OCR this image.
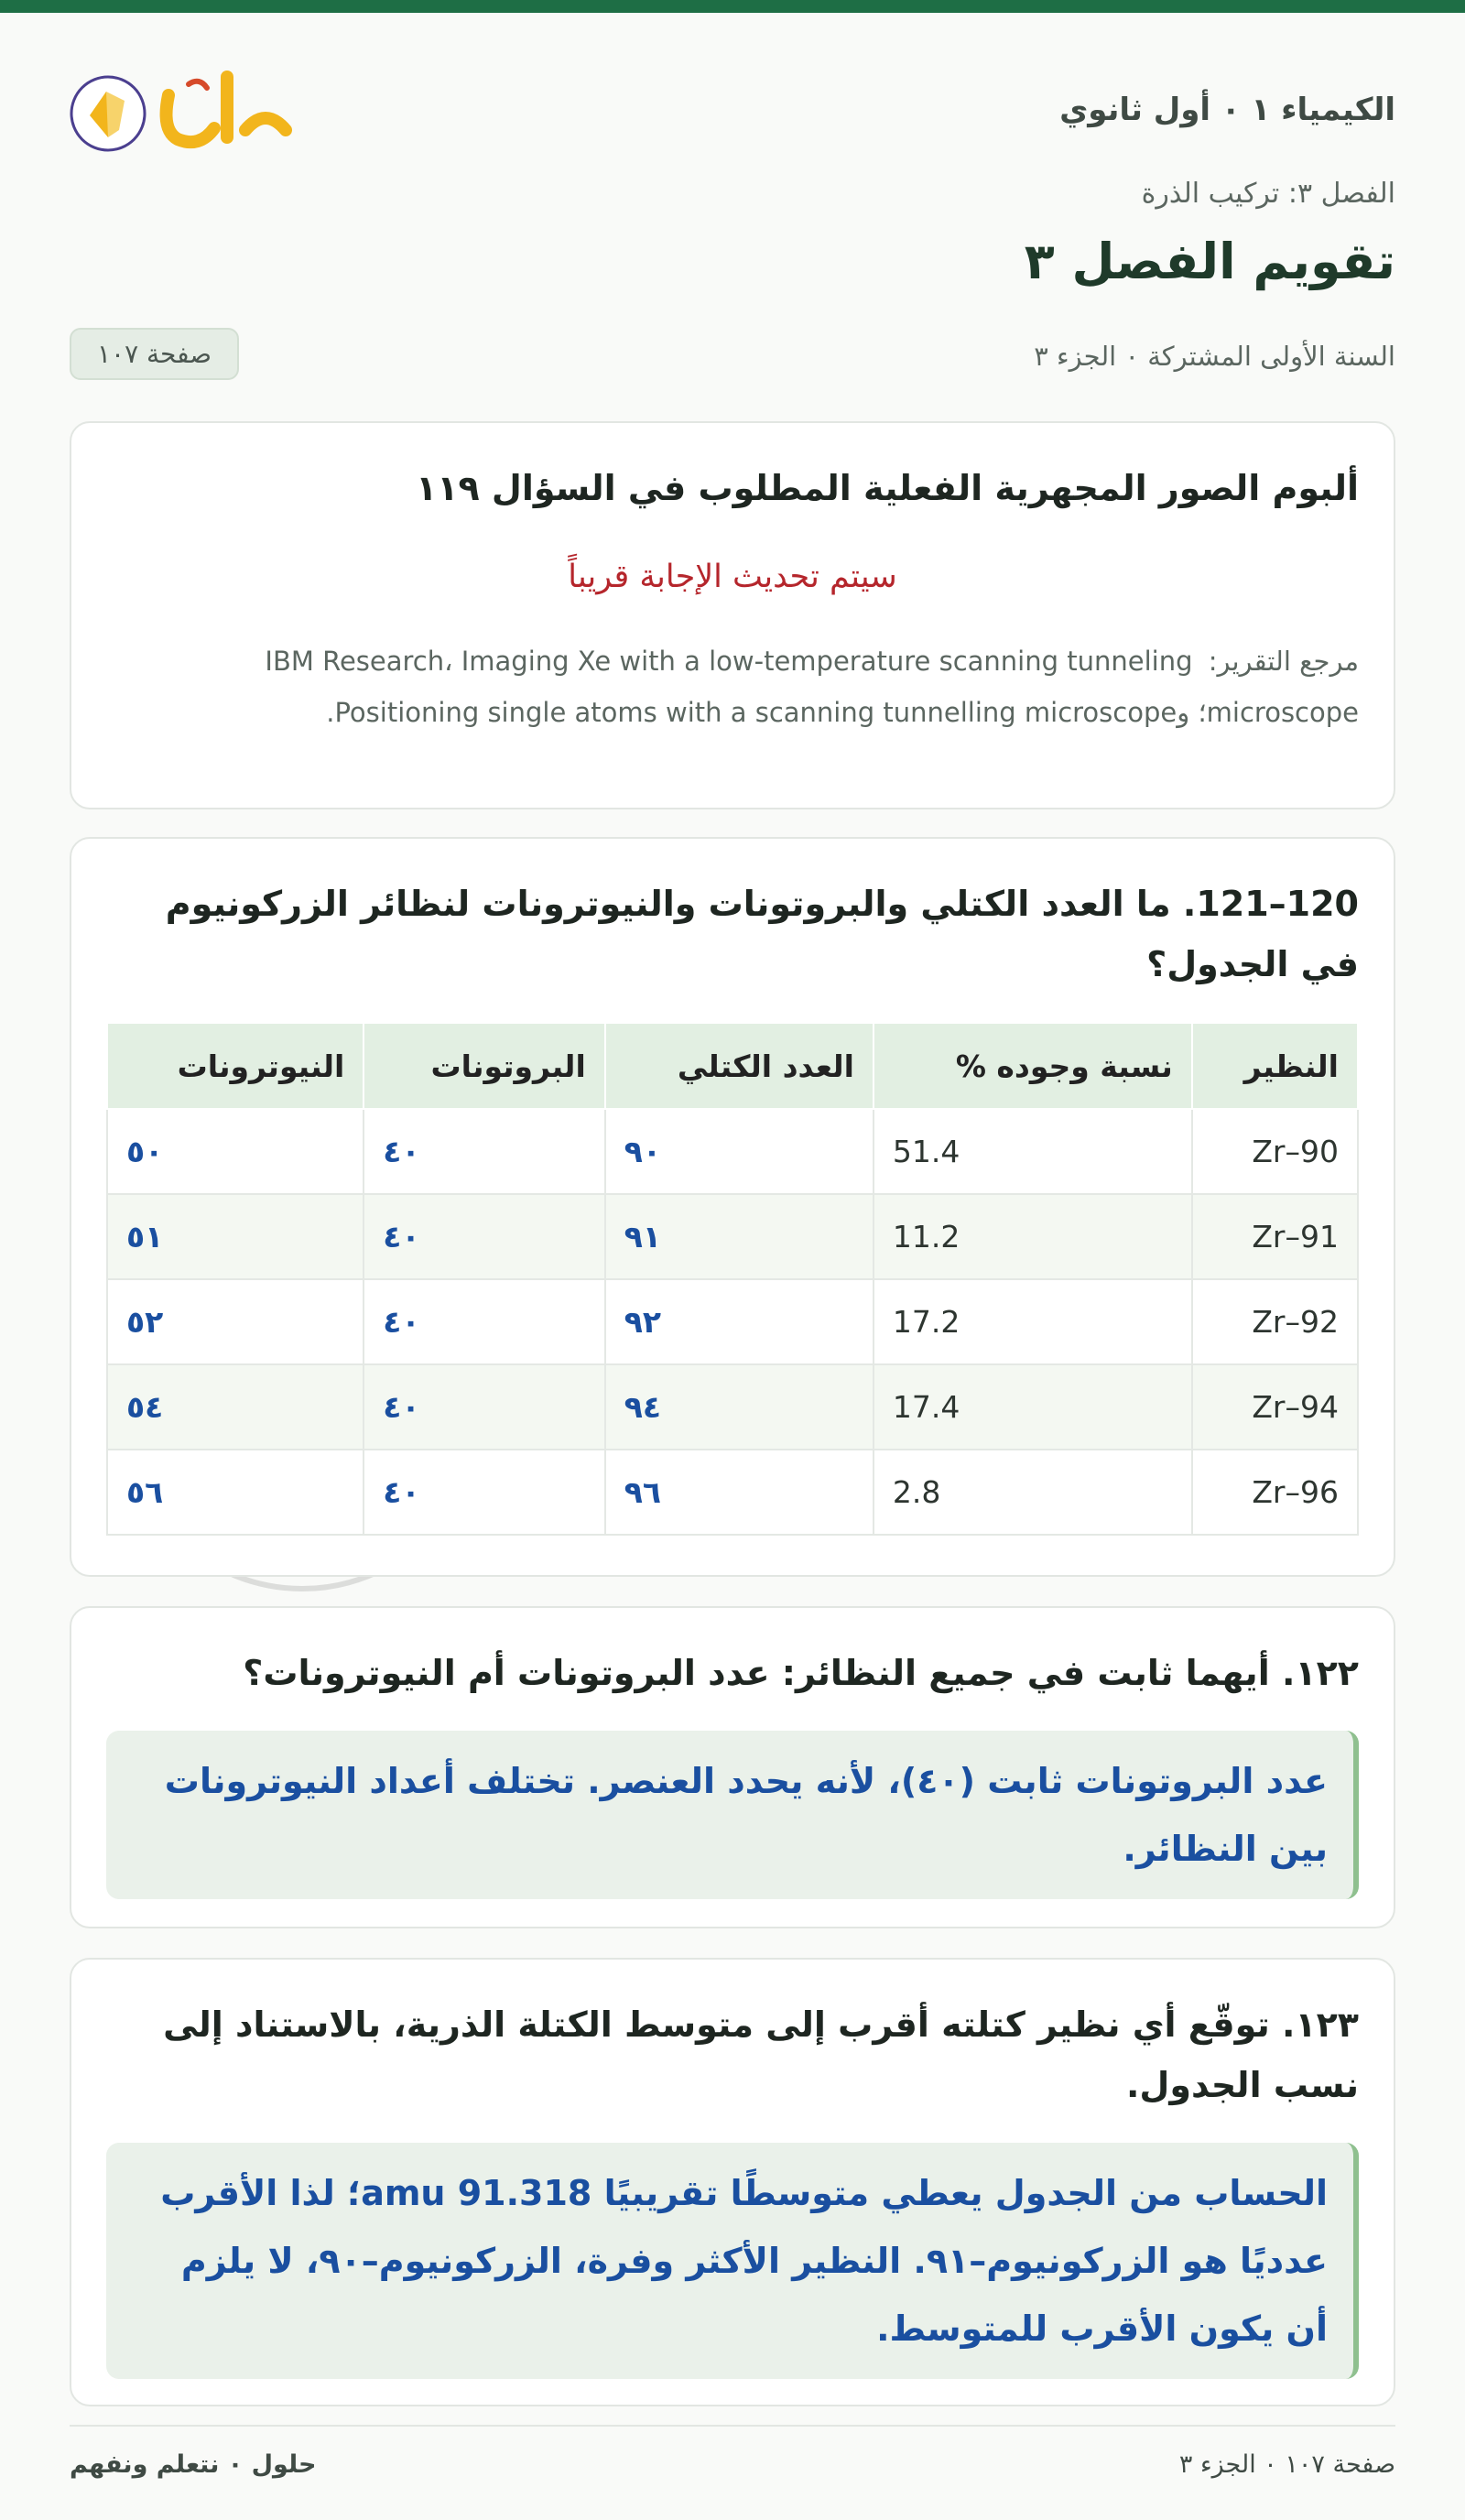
الكيمياء ١ ٠ أول ثانوي
الفصل ٣: تركيب الذرة
تقويم الفصل ٣
السنة الأولى المشتركة ٠ الجزء ٣
صفحة ١٠٧
ألبوم الصور المجهرية الفعلية المطلوب في السؤال ١١٩
سيتم تحديث الإجابة قريباً
مرجع التقرير: IBM Research، Imaging Xe with a low-temperature scanning tunneling microscope؛ وPositioning single atoms with a scanning tunnelling microscope.
120–121. ما العدد الكتلي والبروتونات والنيوترونات لنظائر الزركونيوم في الجدول؟
النظير	نسبة وجوده %	العدد الكتلي	البروتونات	النيوترونات
Zr–90	51.4	٩٠	٤٠	٥٠
Zr–91	11.2	٩١	٤٠	٥١
Zr–92	17.2	٩٢	٤٠	٥٢
Zr–94	17.4	٩٤	٤٠	٥٤
Zr–96	2.8	٩٦	٤٠	٥٦
١٢٢. أيهما ثابت في جميع النظائر: عدد البروتونات أم النيوترونات؟
عدد البروتونات ثابت (٤٠)، لأنه يحدد العنصر. تختلف أعداد النيوترونات بين النظائر.
١٢٣. توقّع أي نظير كتلته أقرب إلى متوسط الكتلة الذرية، بالاستناد إلى نسب الجدول.
الحساب من الجدول يعطي متوسطًا تقريبيًا 91.318 amu؛ لذا الأقرب عدديًا هو الزركونيوم–٩١. النظير الأكثر وفرة، الزركونيوم–٩٠، لا يلزم أن يكون الأقرب للمتوسط.
صفحة ١٠٧ ٠ الجزء ٣
حلول ٠ نتعلم ونفهم
